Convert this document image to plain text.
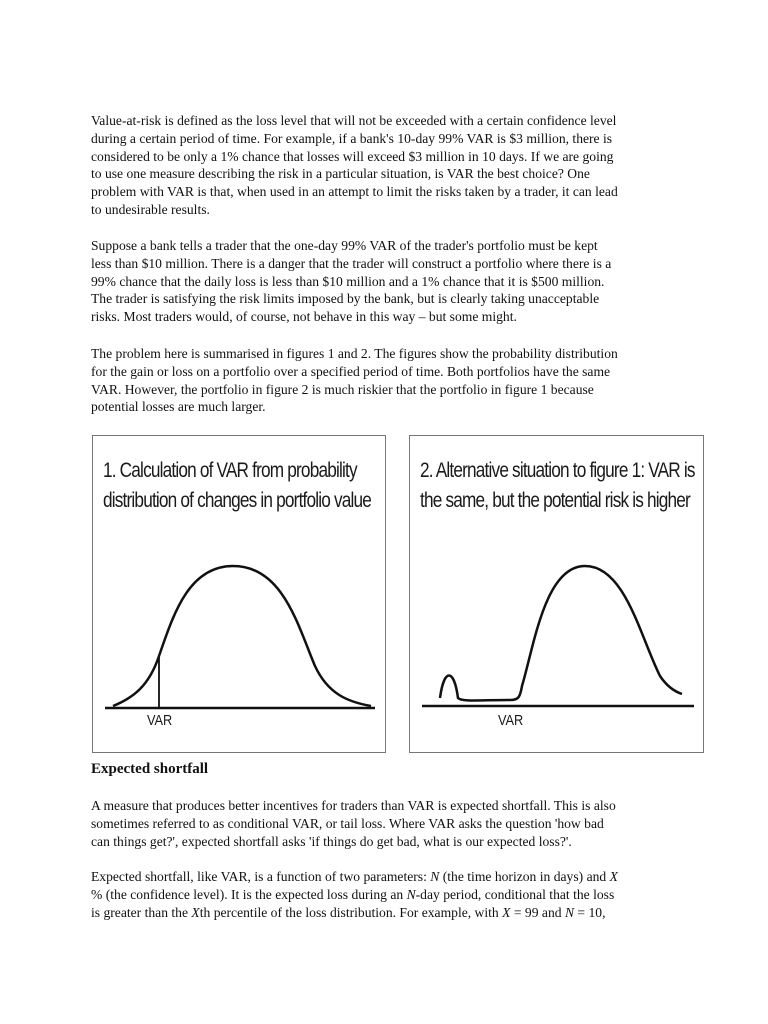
Value-at-risk is defined as the loss level that will not be exceeded with a certain confidence level
during a certain period of time. For example, if a bank's 10-day 99% VAR is $3 million, there is
considered to be only a 1% chance that losses will exceed $3 million in 10 days. If we are going
to use one measure describing the risk in a particular situation, is VAR the best choice? One
problem with VAR is that, when used in an attempt to limit the risks taken by a trader, it can lead
to undesirable results.

Suppose a bank tells a trader that the one-day 99% VAR of the trader's portfolio must be kept
less than $10 million. There is a danger that the trader will construct a portfolio where there is a
99% chance that the daily loss is less than $10 million and a 1% chance that it is $500 million.
The trader is satisfying the risk limits imposed by the bank, but is clearly taking unacceptable
risks. Most traders would, of course, not behave in this way – but some might.

The problem here is summarised in figures 1 and 2. The figures show the probability distribution
for the gain or loss on a portfolio over a specified period of time. Both portfolios have the same
VAR. However, the portfolio in figure 2 is much riskier that the portfolio in figure 1 because
potential losses are much larger.

1. Calculation of VAR from probability
distribution of changes in portfolio value
VAR
2. Alternative situation to figure 1: VAR is
the same, but the potential risk is higher
VAR
Expected shortfall

A measure that produces better incentives for traders than VAR is expected shortfall. This is also
sometimes referred to as conditional VAR, or tail loss. Where VAR asks the question 'how bad
can things get?', expected shortfall asks 'if things do get bad, what is our expected loss?'.

Expected shortfall, like VAR, is a function of two parameters: N (the time horizon in days) and X
% (the confidence level). It is the expected loss during an N-day period, conditional that the loss
is greater than the Xth percentile of the loss distribution. For example, with X = 99 and N = 10,
